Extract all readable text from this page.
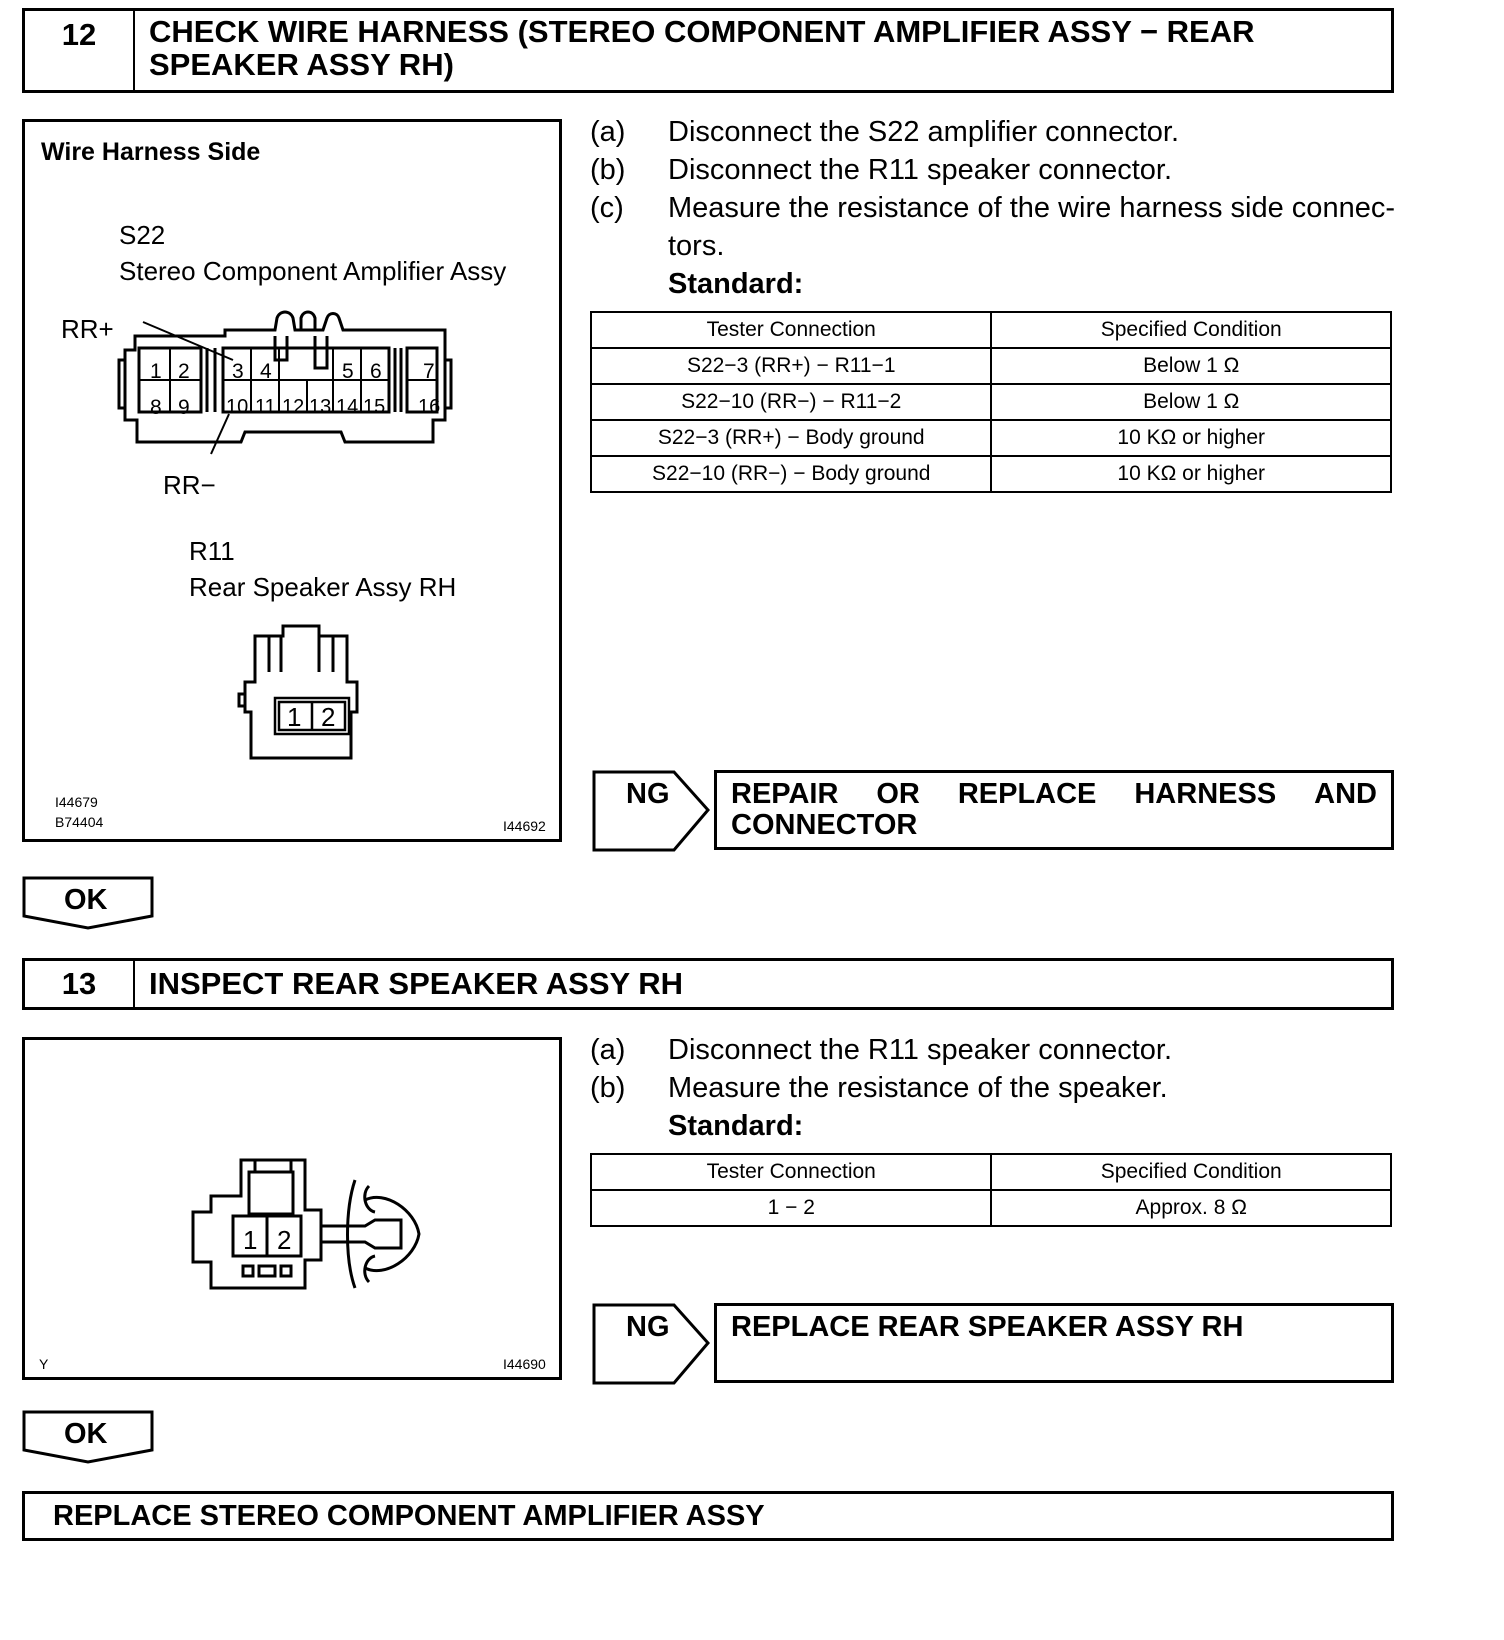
12	CHECK WIRE HARNESS (STEREO COMPONENT AMPLIFIER ASSY − REAR
SPEAKER ASSY RH)
Wire Harness Side
S22
Stereo Component Amplifier Assy
RR+
RR−
1 2 3 4	5 6 7
8 9 10 11 12 13 14 15 16
R11
Rear Speaker Assy RH
1 2
I44679
B74404	I44692
(a) Disconnect the S22 amplifier connector.
(b) Disconnect the R11 speaker connector.
(c) Measure the resistance of the wire harness side connec-
tors.
Standard:
Tester Connection	Specified Condition
S22−3 (RR+) − R11−1	Below 1 Ω
S22−10 (RR−) − R11−2	Below 1 Ω
S22−3 (RR+) − Body ground	10 KΩ or higher
S22−10 (RR−) − Body ground	10 KΩ or higher
NG REPAIR OR REPLACE HARNESS AND
CONNECTOR
OK
13	INSPECT REAR SPEAKER ASSY RH
1 2
Y	I44690
(a) Disconnect the R11 speaker connector.
(b) Measure the resistance of the speaker.
Standard:
Tester Connection	Specified Condition
1 − 2	Approx. 8 Ω
NG REPLACE REAR SPEAKER ASSY RH
OK
REPLACE STEREO COMPONENT AMPLIFIER ASSY
